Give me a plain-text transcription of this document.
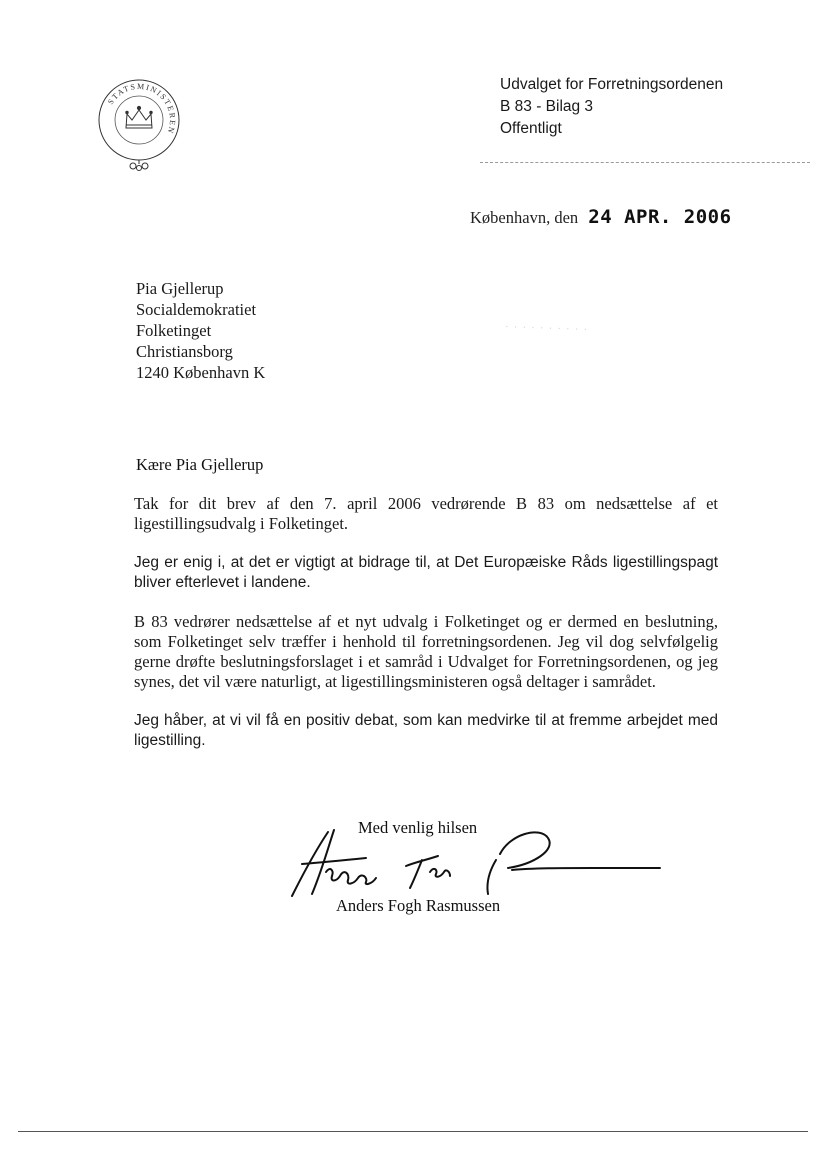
STATSMINISTEREN
Udvalget for Forretningsordenen
B 83 - Bilag 3
Offentligt
København, den 24 APR. 2006
Pia Gjellerup
Socialdemokratiet
Folketinget
Christiansborg
1240 København K
· · · · · · · · · ·
Kære Pia Gjellerup

Tak for dit brev af den 7. april 2006 vedrørende B 83 om nedsættelse af et ligestillingsudvalg i Folketinget.

Jeg er enig i, at det er vigtigt at bidrage til, at Det Europæiske Råds ligestillingspagt bliver efterlevet i landene.

B 83 vedrører nedsættelse af et nyt udvalg i Folketinget og er dermed en beslutning, som Folketinget selv træffer i henhold til forretningsordenen. Jeg vil dog selvfølgelig gerne drøfte beslutningsforslaget i et samråd i Udvalget for Forretningsordenen, og jeg synes, det vil være naturligt, at ligestillingsministeren også deltager i samrådet.

Jeg håber, at vi vil få en positiv debat, som kan medvirke til at fremme arbejdet med ligestilling.

Med venlig hilsen
Anders Fogh Rasmussen
